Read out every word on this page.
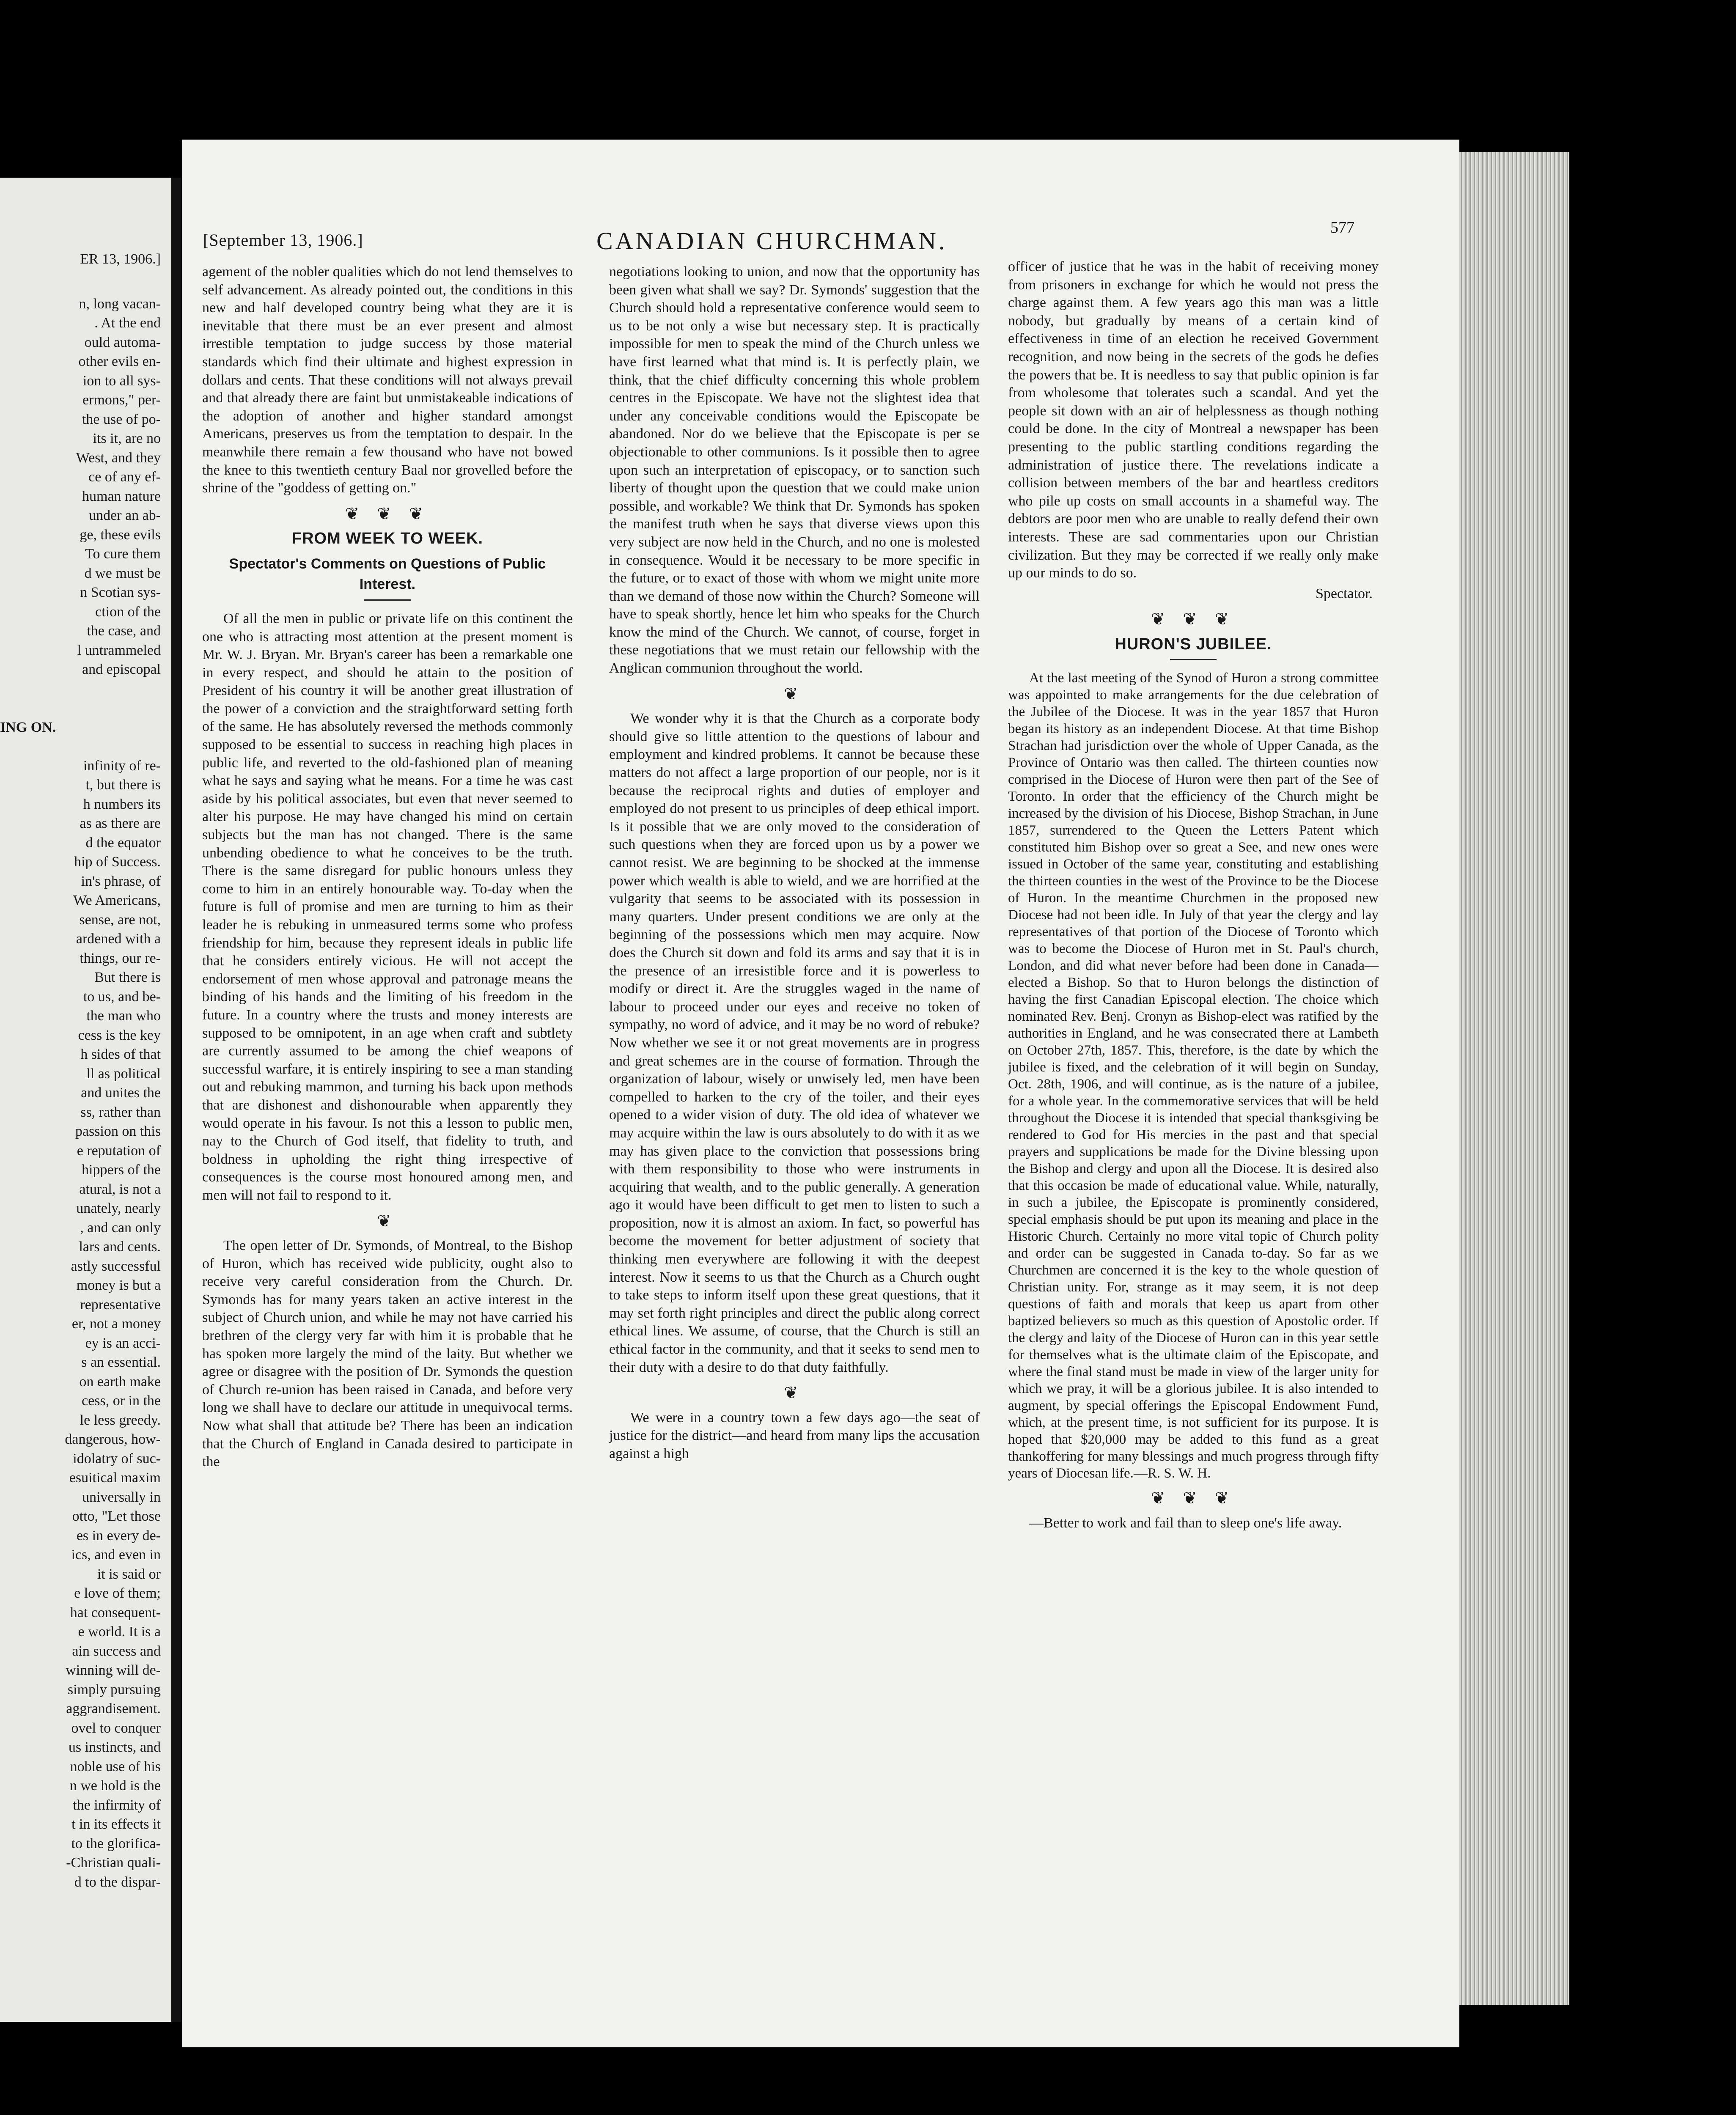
ER 13, 1906.]
n, long vacan-
. At the end
ould automa-
other evils en-
ion to all sys-
ermons," per-
the use of po-
its it, are no
West, and they
ce of any ef-
human nature
under an ab-
ge, these evils
To cure them
d we must be
n Scotian sys-
ction of the
the case, and
l untrammeled
and episcopal

ING ON.

infinity of re-
t, but there is
h numbers its
as as there are
d the equator
hip of Success.
in's phrase, of
We Americans,
sense, are not,
ardened with a
things, our re-
But there is
to us, and be-
the man who
cess is the key
h sides of that
ll as political
and unites the
ss, rather than
passion on this
e reputation of
hippers of the
atural, is not a
unately, nearly
, and can only
lars and cents.
astly successful
money is but a
representative
er, not a money
ey is an acci-
s an essential.
on earth make
cess, or in the
le less greedy.
dangerous, how-
idolatry of suc-
esuitical maxim
universally in
otto, "Let those
es in every de-
ics, and even in
it is said or
e love of them;
hat consequent-
e world. It is a
ain success and
winning will de-
simply pursuing
aggrandisement.
ovel to conquer
us instincts, and
noble use of his
n we hold is the
the infirmity of
t in its effects it
to the glorifica-
-Christian quali-
d to the dispar-
[September 13, 1906.]	CANADIAN CHURCHMAN.	577

agement of the nobler qualities which do not lend themselves to self advancement. As already pointed out, the conditions in this new and half developed country being what they are it is inevitable that there must be an ever present and almost irrestible temptation to judge success by those material standards which find their ultimate and highest expression in dollars and cents. That these conditions will not always prevail and that already there are faint but unmistakeable indications of the adoption of another and higher standard amongst Americans, preserves us from the temptation to despair. In the meanwhile there remain a few thousand who have not bowed the knee to this twentieth century Baal nor grovelled before the shrine of the "goddess of getting on."

❦ ❦ ❦
FROM WEEK TO WEEK.
Spectator's Comments on Questions of Public Interest.

Of all the men in public or private life on this continent the one who is attracting most attention at the present moment is Mr. W. J. Bryan. Mr. Bryan's career has been a remarkable one in every respect, and should he attain to the position of President of his country it will be another great illustration of the power of a conviction and the straightforward setting forth of the same. He has absolutely reversed the methods commonly supposed to be essential to success in reaching high places in public life, and reverted to the old-fashioned plan of meaning what he says and saying what he means. For a time he was cast aside by his political associates, but even that never seemed to alter his purpose. He may have changed his mind on certain subjects but the man has not changed. There is the same unbending obedience to what he conceives to be the truth. There is the same disregard for public honours unless they come to him in an entirely honourable way. To-day when the future is full of promise and men are turning to him as their leader he is rebuking in unmeasured terms some who profess friendship for him, because they represent ideals in public life that he considers entirely vicious. He will not accept the endorsement of men whose approval and patronage means the binding of his hands and the limiting of his freedom in the future. In a country where the trusts and money interests are supposed to be omnipotent, in an age when craft and subtlety are currently assumed to be among the chief weapons of successful warfare, it is entirely inspiring to see a man standing out and rebuking mammon, and turning his back upon methods that are dishonest and dishonourable when apparently they would operate in his favour. Is not this a lesson to public men, nay to the Church of God itself, that fidelity to truth, and boldness in upholding the right thing irrespective of consequences is the course most honoured among men, and men will not fail to respond to it.

❦

The open letter of Dr. Symonds, of Montreal, to the Bishop of Huron, which has received wide publicity, ought also to receive very careful consideration from the Church. Dr. Symonds has for many years taken an active interest in the subject of Church union, and while he may not have carried his brethren of the clergy very far with him it is probable that he has spoken more largely the mind of the laity. But whether we agree or disagree with the position of Dr. Symonds the question of Church re-union has been raised in Canada, and before very long we shall have to declare our attitude in unequivocal terms. Now what shall that attitude be? There has been an indication that the Church of England in Canada desired to participate in the

negotiations looking to union, and now that the opportunity has been given what shall we say? Dr. Symonds' suggestion that the Church should hold a representative conference would seem to us to be not only a wise but necessary step. It is practically impossible for men to speak the mind of the Church unless we have first learned what that mind is. It is perfectly plain, we think, that the chief difficulty concerning this whole problem centres in the Episcopate. We have not the slightest idea that under any conceivable conditions would the Episcopate be abandoned. Nor do we believe that the Episcopate is per se objectionable to other communions. Is it possible then to agree upon such an interpretation of episcopacy, or to sanction such liberty of thought upon the question that we could make union possible, and workable? We think that Dr. Symonds has spoken the manifest truth when he says that diverse views upon this very subject are now held in the Church, and no one is molested in consequence. Would it be necessary to be more specific in the future, or to exact of those with whom we might unite more than we demand of those now within the Church? Someone will have to speak shortly, hence let him who speaks for the Church know the mind of the Church. We cannot, of course, forget in these negotiations that we must retain our fellowship with the Anglican communion throughout the world.

❦

We wonder why it is that the Church as a corporate body should give so little attention to the questions of labour and employment and kindred problems. It cannot be because these matters do not affect a large proportion of our people, nor is it because the reciprocal rights and duties of employer and employed do not present to us principles of deep ethical import. Is it possible that we are only moved to the consideration of such questions when they are forced upon us by a power we cannot resist. We are beginning to be shocked at the immense power which wealth is able to wield, and we are horrified at the vulgarity that seems to be associated with its possession in many quarters. Under present conditions we are only at the beginning of the possessions which men may acquire. Now does the Church sit down and fold its arms and say that it is in the presence of an irresistible force and it is powerless to modify or direct it. Are the struggles waged in the name of labour to proceed under our eyes and receive no token of sympathy, no word of advice, and it may be no word of rebuke? Now whether we see it or not great movements are in progress and great schemes are in the course of formation. Through the organization of labour, wisely or unwisely led, men have been compelled to harken to the cry of the toiler, and their eyes opened to a wider vision of duty. The old idea of whatever we may acquire within the law is ours absolutely to do with it as we may has given place to the conviction that possessions bring with them responsibility to those who were instruments in acquiring that wealth, and to the public generally. A generation ago it would have been difficult to get men to listen to such a proposition, now it is almost an axiom. In fact, so powerful has become the movement for better adjustment of society that thinking men everywhere are following it with the deepest interest. Now it seems to us that the Church as a Church ought to take steps to inform itself upon these great questions, that it may set forth right principles and direct the public along correct ethical lines. We assume, of course, that the Church is still an ethical factor in the community, and that it seeks to send men to their duty with a desire to do that duty faithfully.

❦

We were in a country town a few days ago—the seat of justice for the district—and heard from many lips the accusation against a high

officer of justice that he was in the habit of receiving money from prisoners in exchange for which he would not press the charge against them. A few years ago this man was a little nobody, but gradually by means of a certain kind of effectiveness in time of an election he received Government recognition, and now being in the secrets of the gods he defies the powers that be. It is needless to say that public opinion is far from wholesome that tolerates such a scandal. And yet the people sit down with an air of helplessness as though nothing could be done. In the city of Montreal a newspaper has been presenting to the public startling conditions regarding the administration of justice there. The revelations indicate a collision between members of the bar and heartless creditors who pile up costs on small accounts in a shameful way. The debtors are poor men who are unable to really defend their own interests. These are sad commentaries upon our Christian civilization. But they may be corrected if we really only make up our minds to do so.

Spectator.
❦ ❦ ❦
HURON'S JUBILEE.

At the last meeting of the Synod of Huron a strong committee was appointed to make arrangements for the due celebration of the Jubilee of the Diocese. It was in the year 1857 that Huron began its history as an independent Diocese. At that time Bishop Strachan had jurisdiction over the whole of Upper Canada, as the Province of Ontario was then called. The thirteen counties now comprised in the Diocese of Huron were then part of the See of Toronto. In order that the efficiency of the Church might be increased by the division of his Diocese, Bishop Strachan, in June 1857, surrendered to the Queen the Letters Patent which constituted him Bishop over so great a See, and new ones were issued in October of the same year, constituting and establishing the thirteen counties in the west of the Province to be the Diocese of Huron. In the meantime Churchmen in the proposed new Diocese had not been idle. In July of that year the clergy and lay representatives of that portion of the Diocese of Toronto which was to become the Diocese of Huron met in St. Paul's church, London, and did what never before had been done in Canada—elected a Bishop. So that to Huron belongs the distinction of having the first Canadian Episcopal election. The choice which nominated Rev. Benj. Cronyn as Bishop-elect was ratified by the authorities in England, and he was consecrated there at Lambeth on October 27th, 1857. This, therefore, is the date by which the jubilee is fixed, and the celebration of it will begin on Sunday, Oct. 28th, 1906, and will continue, as is the nature of a jubilee, for a whole year. In the commemorative services that will be held throughout the Diocese it is intended that special thanksgiving be rendered to God for His mercies in the past and that special prayers and supplications be made for the Divine blessing upon the Bishop and clergy and upon all the Diocese. It is desired also that this occasion be made of educational value. While, naturally, in such a jubilee, the Episcopate is prominently considered, special emphasis should be put upon its meaning and place in the Historic Church. Certainly no more vital topic of Church polity and order can be suggested in Canada to-day. So far as we Churchmen are concerned it is the key to the whole question of Christian unity. For, strange as it may seem, it is not deep questions of faith and morals that keep us apart from other baptized believers so much as this question of Apostolic order. If the clergy and laity of the Diocese of Huron can in this year settle for themselves what is the ultimate claim of the Episcopate, and where the final stand must be made in view of the larger unity for which we pray, it will be a glorious jubilee. It is also intended to augment, by special offerings the Episcopal Endowment Fund, which, at the present time, is not sufficient for its purpose. It is hoped that $20,000 may be added to this fund as a great thankoffering for many blessings and much progress through fifty years of Diocesan life.—R. S. W. H.

❦ ❦ ❦

—Better to work and fail than to sleep one's life away.
